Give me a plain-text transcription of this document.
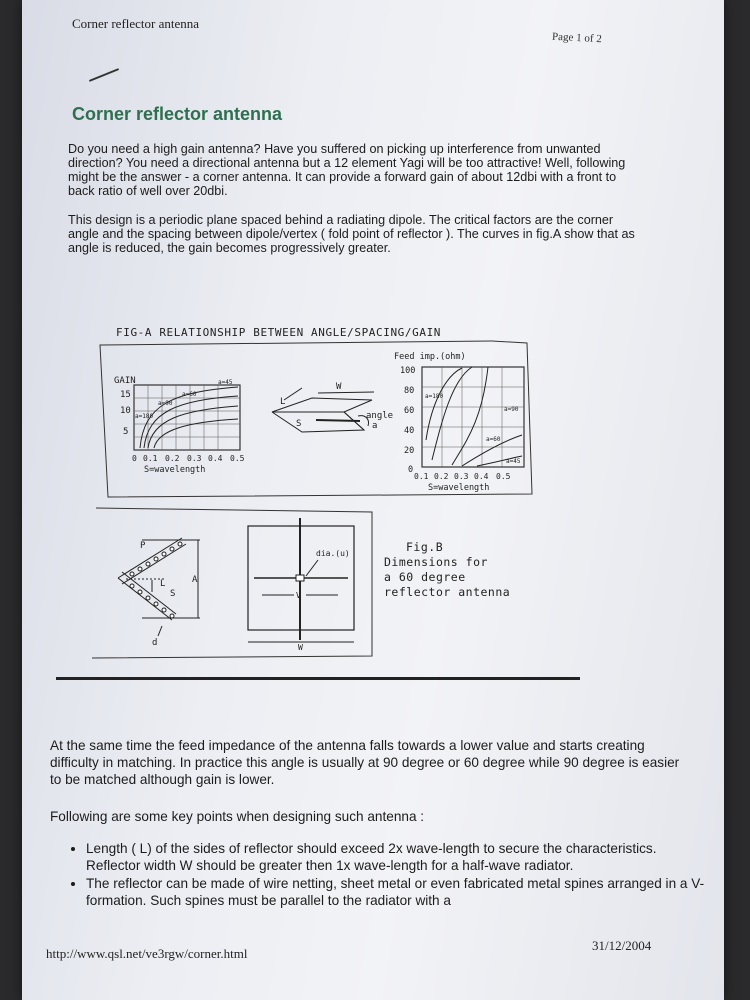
Corner reflector antenna
Page 1 of 2
Corner reflector antenna
Do you need a high gain antenna? Have you suffered on picking up interference from unwanted direction? You need a directional antenna but a 12 element Yagi will be too attractive! Well, following might be the answer - a corner antenna. It can provide a forward gain of about 12dbi with a front to back ratio of well over 20dbi.
This design is a periodic plane spaced behind a radiating dipole. The critical factors are the corner angle and the spacing between dipole/vertex ( fold point of reflector ). The curves in fig.A show that as angle is reduced, the gain becomes progressively greater.
FIG-A RELATIONSHIP BETWEEN ANGLE/SPACING/GAIN
GAIN
15
10
5
a=45
a=60
a=90
a=180
0 0.1 0.2 0.3 0.4 0.5
S=wavelength
W
L
S
angle
a
Feed imp.(ohm)
100
80
60
40
20
0
a=180
a=90
a=60
a=45
0.1 0.2 0.3 0.4 0.5
S=wavelength
P
L
S
A
d
dia.(u)
V
W
Fig.B
Dimensions for
a 60 degree
reflector antenna
At the same time the feed impedance of the antenna falls towards a lower value and starts creating difficulty in matching. In practice this angle is usually at 90 degree or 60 degree while 90 degree is easier to be matched although gain is lower.
Following are some key points when designing such antenna :
• Length ( L) of the sides of reflector should exceed 2x wave-length to secure the characteristics. Reflector width W should be greater then 1x wave-length for a half-wave radiator.
• The reflector can be made of wire netting, sheet metal or even fabricated metal spines arranged in a V-formation. Such spines must be parallel to the radiator with a
http://www.qsl.net/ve3rgw/corner.html
31/12/2004
